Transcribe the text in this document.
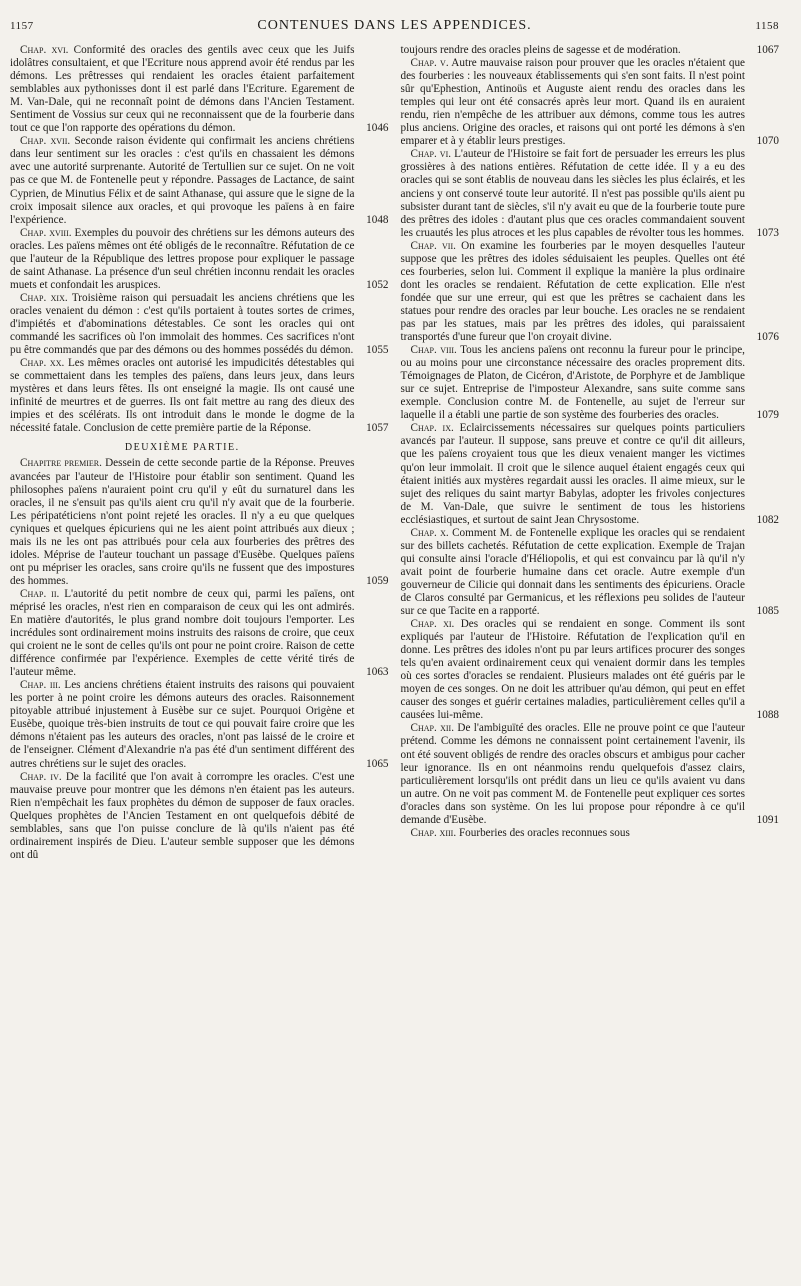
1157	CONTENUES DANS LES APPENDICES.	1158

Chap. xvi. Conformité des oracles des gentils avec ceux que les Juifs idolâtres consultaient, et que l'Ecriture nous apprend avoir été rendus par les démons. Les prêtresses qui rendaient les oracles étaient parfaitement semblables aux pythonisses dont il est parlé dans l'Ecriture. Egarement de M. Van-Dale, qui ne reconnaît point de démons dans l'Ancien Testament. Sentiment de Vossius sur ceux qui ne reconnaissent que de la fourberie dans tout ce que l'on rapporte des opérations du démon.	1046

Chap. xvii. Seconde raison évidente qui confirmait les anciens chrétiens dans leur sentiment sur les oracles : c'est qu'ils en chassaient les démons avec une autorité surprenante. Autorité de Tertullien sur ce sujet. On ne voit pas ce que M. de Fontenelle peut y répondre. Passages de Lactance, de saint Cyprien, de Minutius Félix et de saint Athanase, qui assure que le signe de la croix imposait silence aux oracles, et qui provoque les païens à en faire l'expérience.	1048

Chap. xviii. Exemples du pouvoir des chrétiens sur les démons auteurs des oracles. Les païens mêmes ont été obligés de le reconnaître. Réfutation de ce que l'auteur de la République des lettres propose pour expliquer le passage de saint Athanase. La présence d'un seul chrétien inconnu rendait les oracles muets et confondait les aruspices.	1052

Chap. xix. Troisième raison qui persuadait les anciens chrétiens que les oracles venaient du démon : c'est qu'ils portaient à toutes sortes de crimes, d'impiétés et d'abominations détestables. Ce sont les oracles qui ont commandé les sacrifices où l'on immolait des hommes. Ces sacrifices n'ont pu être commandés que par des démons ou des hommes possédés du démon.	1055

Chap. xx. Les mêmes oracles ont autorisé les impudicités détestables qui se commettaient dans les temples des païens, dans leurs jeux, dans leurs mystères et dans leurs fêtes. Ils ont enseigné la magie. Ils ont causé une infinité de meurtres et de guerres. Ils ont fait mettre au rang des dieux des impies et des scélérats. Ils ont introduit dans le monde le dogme de la nécessité fatale. Conclusion de cette première partie de la Réponse.	1057

DEUXIÈME PARTIE.

Chapitre premier. Dessein de cette seconde partie de la Réponse. Preuves avancées par l'auteur de l'Histoire pour établir son sentiment. Quand les philosophes païens n'auraient point cru qu'il y eût du surnaturel dans les oracles, il ne s'ensuit pas qu'ils aient cru qu'il n'y avait que de la fourberie. Les péripatéticiens n'ont point rejeté les oracles. Il n'y a eu que quelques cyniques et quelques épicuriens qui ne les aient point attribués aux dieux ; mais ils ne les ont pas attribués pour cela aux fourberies des prêtres des idoles. Méprise de l'auteur touchant un passage d'Eusèbe. Quelques païens ont pu mépriser les oracles, sans croire qu'ils ne fussent que des impostures des hommes.	1059

Chap. ii. L'autorité du petit nombre de ceux qui, parmi les païens, ont méprisé les oracles, n'est rien en comparaison de ceux qui les ont admirés. En matière d'autorités, le plus grand nombre doit toujours l'emporter. Les incrédules sont ordinairement moins instruits des raisons de croire, que ceux qui croient ne le sont de celles qu'ils ont pour ne point croire. Raison de cette différence confirmée par l'expérience. Exemples de cette vérité tirés de l'auteur même.	1063

Chap. iii. Les anciens chrétiens étaient instruits des raisons qui pouvaient les porter à ne point croire les démons auteurs des oracles. Raisonnement pitoyable attribué injustement à Eusèbe sur ce sujet. Pourquoi Origène et Eusèbe, quoique très-bien instruits de tout ce qui pouvait faire croire que les démons n'étaient pas les auteurs des oracles, n'ont pas laissé de le croire et de l'enseigner. Clément d'Alexandrie n'a pas été d'un sentiment différent des autres chrétiens sur le sujet des oracles.	1065

Chap. iv. De la facilité que l'on avait à corrompre les oracles. C'est une mauvaise preuve pour montrer que les démons n'en étaient pas les auteurs. Rien n'empêchait les faux prophètes du démon de supposer de faux oracles. Quelques prophètes de l'Ancien Testament en ont quelquefois débité de semblables, sans que l'on puisse conclure de là qu'ils n'aient pas été ordinairement inspirés de Dieu. L'auteur semble supposer que les démons ont dû

toujours rendre des oracles pleins de sagesse et de modération.	1067

Chap. v. Autre mauvaise raison pour prouver que les oracles n'étaient que des fourberies : les nouveaux établissements qui s'en sont faits. Il n'est point sûr qu'Ephestion, Antinoüs et Auguste aient rendu des oracles dans les temples qui leur ont été consacrés après leur mort. Quand ils en auraient rendu, rien n'empêche de les attribuer aux démons, comme tous les autres plus anciens. Origine des oracles, et raisons qui ont porté les démons à s'en emparer et à y établir leurs prestiges.	1070

Chap. vi. L'auteur de l'Histoire se fait fort de persuader les erreurs les plus grossières à des nations entières. Réfutation de cette idée. Il y a eu des oracles qui se sont établis de nouveau dans les siècles les plus éclairés, et les anciens y ont conservé toute leur autorité. Il n'est pas possible qu'ils aient pu subsister durant tant de siècles, s'il n'y avait eu que de la fourberie toute pure des prêtres des idoles : d'autant plus que ces oracles commandaient souvent les cruautés les plus atroces et les plus capables de révolter tous les hommes.	1073

Chap. vii. On examine les fourberies par le moyen desquelles l'auteur suppose que les prêtres des idoles séduisaient les peuples. Quelles ont été ces fourberies, selon lui. Comment il explique la manière la plus ordinaire dont les oracles se rendaient. Réfutation de cette explication. Elle n'est fondée que sur une erreur, qui est que les prêtres se cachaient dans les statues pour rendre des oracles par leur bouche. Les oracles ne se rendaient pas par les statues, mais par les prêtres des idoles, qui paraissaient transportés d'une fureur que l'on croyait divine.	1076

Chap. viii. Tous les anciens païens ont reconnu la fureur pour le principe, ou au moins pour une circonstance nécessaire des oracles proprement dits. Témoignages de Platon, de Cicéron, d'Aristote, de Porphyre et de Jamblique sur ce sujet. Entreprise de l'imposteur Alexandre, sans suite comme sans exemple. Conclusion contre M. de Fontenelle, au sujet de l'erreur sur laquelle il a établi une partie de son système des fourberies des oracles.	1079

Chap. ix. Eclaircissements nécessaires sur quelques points particuliers avancés par l'auteur. Il suppose, sans preuve et contre ce qu'il dit ailleurs, que les païens croyaient tous que les dieux venaient manger les victimes qu'on leur immolait. Il croit que le silence auquel étaient engagés ceux qui étaient initiés aux mystères regardait aussi les oracles. Il aime mieux, sur le sujet des reliques du saint martyr Babylas, adopter les frivoles conjectures de M. Van-Dale, que suivre le sentiment de tous les historiens ecclésiastiques, et surtout de saint Jean Chrysostome.	1082

Chap. x. Comment M. de Fontenelle explique les oracles qui se rendaient sur des billets cachetés. Réfutation de cette explication. Exemple de Trajan qui consulte ainsi l'oracle d'Héliopolis, et qui est convaincu par là qu'il n'y avait point de fourberie humaine dans cet oracle. Autre exemple d'un gouverneur de Cilicie qui donnait dans les sentiments des épicuriens. Oracle de Claros consulté par Germanicus, et les réflexions peu solides de l'auteur sur ce que Tacite en a rapporté.	1085

Chap. xi. Des oracles qui se rendaient en songe. Comment ils sont expliqués par l'auteur de l'Histoire. Réfutation de l'explication qu'il en donne. Les prêtres des idoles n'ont pu par leurs artifices procurer des songes tels qu'en avaient ordinairement ceux qui venaient dormir dans les temples où ces sortes d'oracles se rendaient. Plusieurs malades ont été guéris par le moyen de ces songes. On ne doit les attribuer qu'au démon, qui peut en effet causer des songes et guérir certaines maladies, particulièrement celles qu'il a causées lui-même.	1088

Chap. xii. De l'ambiguïté des oracles. Elle ne prouve point ce que l'auteur prétend. Comme les démons ne connaissent point certainement l'avenir, ils ont été souvent obligés de rendre des oracles obscurs et ambigus pour cacher leur ignorance. Ils en ont néanmoins rendu quelquefois d'assez clairs, particulièrement lorsqu'ils ont prédit dans un lieu ce qu'ils avaient vu dans un autre. On ne voit pas comment M. de Fontenelle peut expliquer ces sortes d'oracles dans son système. On les lui propose pour répondre à ce qu'il demande d'Eusèbe.	1091

Chap. xiii. Fourberies des oracles reconnues sous
